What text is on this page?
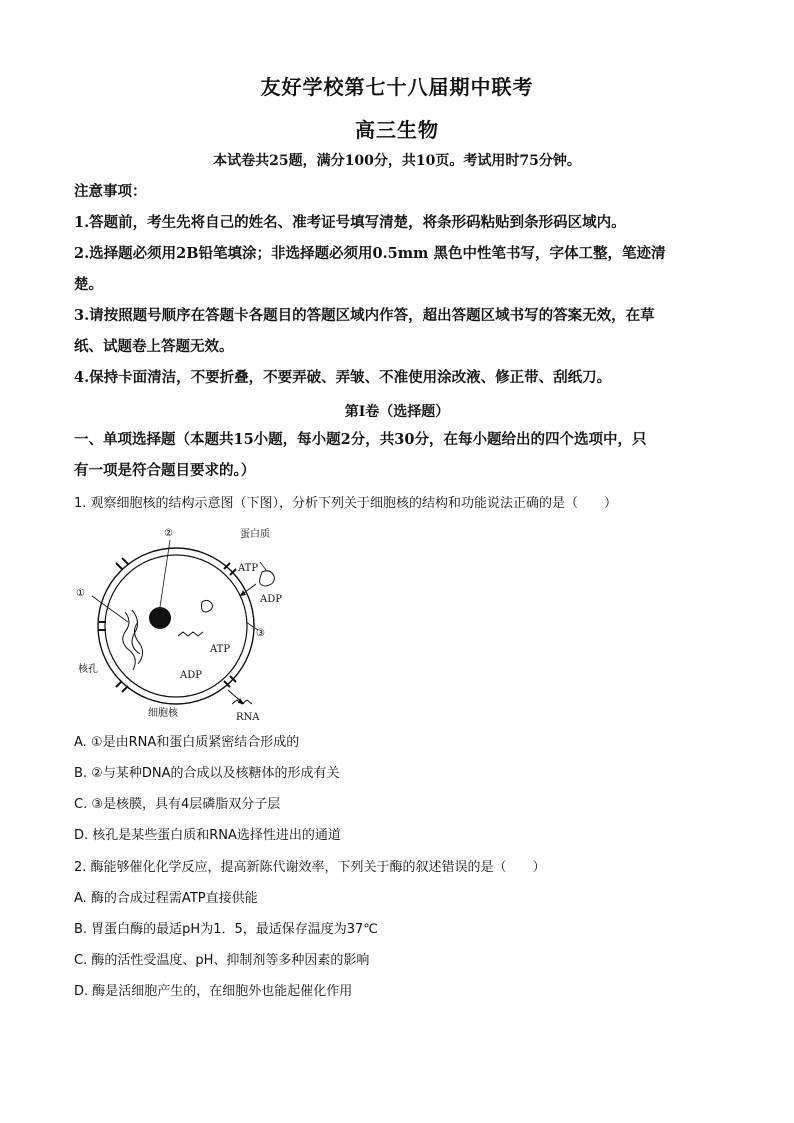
友好学校第七十八届期中联考
高三生物
本试卷共25题，满分100分，共10页。考试用时75分钟。
注意事项：
1.答题前，考生先将自己的姓名、准考证号填写清楚，将条形码粘贴到条形码区域内。
2.选择题必须用2B铅笔填涂；非选择题必须用0.5mm 黑色中性笔书写，字体工整，笔迹清
楚。
3.请按照题号顺序在答题卡各题目的答题区域内作答，超出答题区域书写的答案无效，在草
纸、试题卷上答题无效。
4.保持卡面清洁，不要折叠，不要弄破、弄皱、不准使用涂改液、修正带、刮纸刀。
第Ⅰ卷（选择题）
一、单项选择题（本题共15小题，每小题2分，共30分，在每小题给出的四个选项中，只
有一项是符合题目要求的。）
1. 观察细胞核的结构示意图（下图），分析下列关于细胞核的结构和功能说法正确的是（　　）
蛋白质
ATP
ADP
②
①
③
核孔
ATP
ADP
细胞核	RNA
A. ①是由RNA和蛋白质紧密结合形成的
B. ②与某种DNA的合成以及核糖体的形成有关
C. ③是核膜，具有4层磷脂双分子层
D. 核孔是某些蛋白质和RNA选择性进出的通道
2. 酶能够催化化学反应，提高新陈代谢效率，下列关于酶的叙述错误的是（　　）
A. 酶的合成过程需ATP直接供能
B. 胃蛋白酶的最适pH为1．5，最适保存温度为37℃
C. 酶的活性受温度、pH、抑制剂等多种因素的影响
D. 酶是活细胞产生的，在细胞外也能起催化作用
